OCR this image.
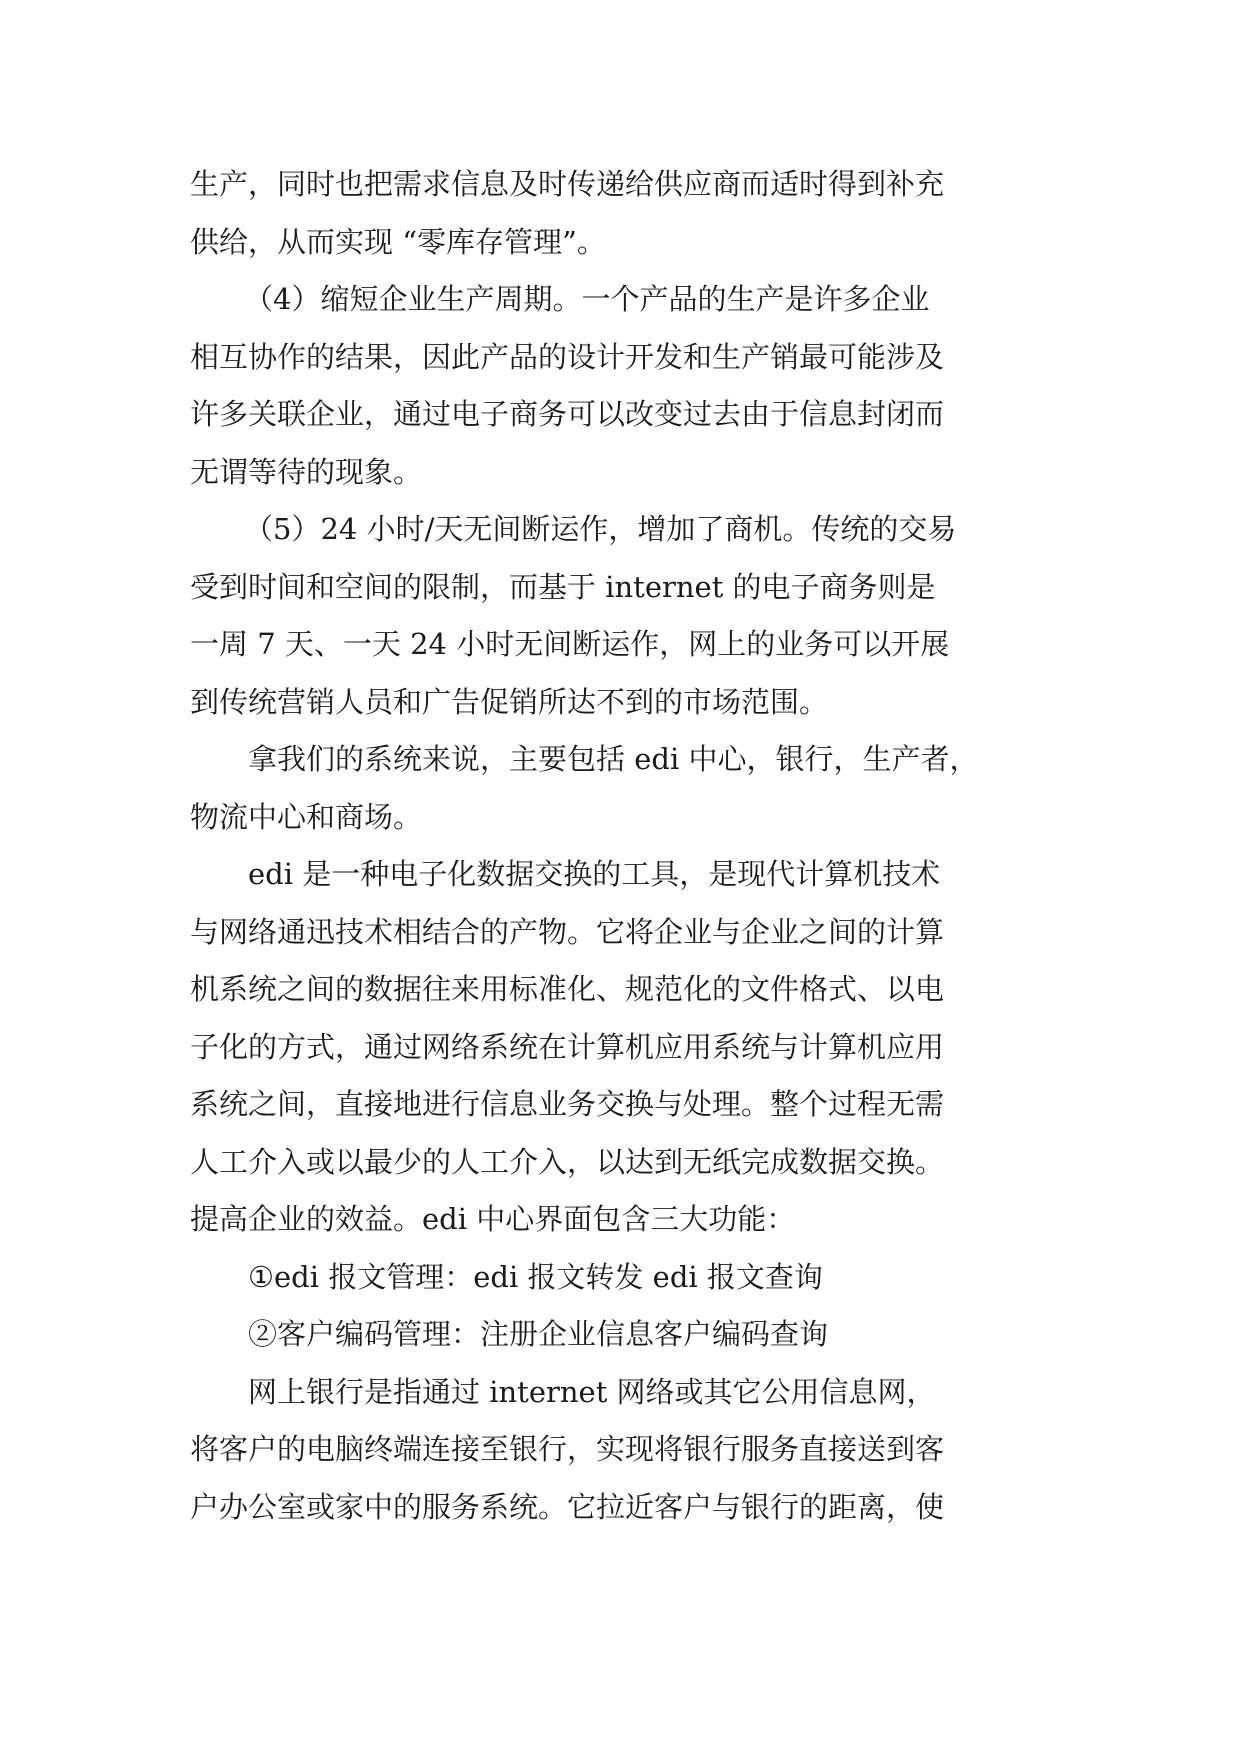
生产，同时也把需求信息及时传递给供应商而适时得到补充
供给，从而实现 “零库存管理”。

（4）缩短企业生产周期。一个产品的生产是许多企业
相互协作的结果，因此产品的设计开发和生产销最可能涉及
许多关联企业，通过电子商务可以改变过去由于信息封闭而
无谓等待的现象。

（5）24 小时/天无间断运作，增加了商机。传统的交易
受到时间和空间的限制，而基于 internet 的电子商务则是
一周 7 天、一天 24 小时无间断运作，网上的业务可以开展
到传统营销人员和广告促销所达不到的市场范围。

拿我们的系统来说，主要包括 edi 中心，银行，生产者，
物流中心和商场。

edi 是一种电子化数据交换的工具，是现代计算机技术
与网络通迅技术相结合的产物。它将企业与企业之间的计算
机系统之间的数据往来用标准化、规范化的文件格式、以电
子化的方式，通过网络系统在计算机应用系统与计算机应用
系统之间，直接地进行信息业务交换与处理。整个过程无需
人工介入或以最少的人工介入，以达到无纸完成数据交换。
提高企业的效益。edi 中心界面包含三大功能：

①edi 报文管理：edi 报文转发 edi 报文查询

②客户编码管理：注册企业信息客户编码查询

网上银行是指通过 internet 网络或其它公用信息网，
将客户的电脑终端连接至银行，实现将银行服务直接送到客
户办公室或家中的服务系统。它拉近客户与银行的距离，使
